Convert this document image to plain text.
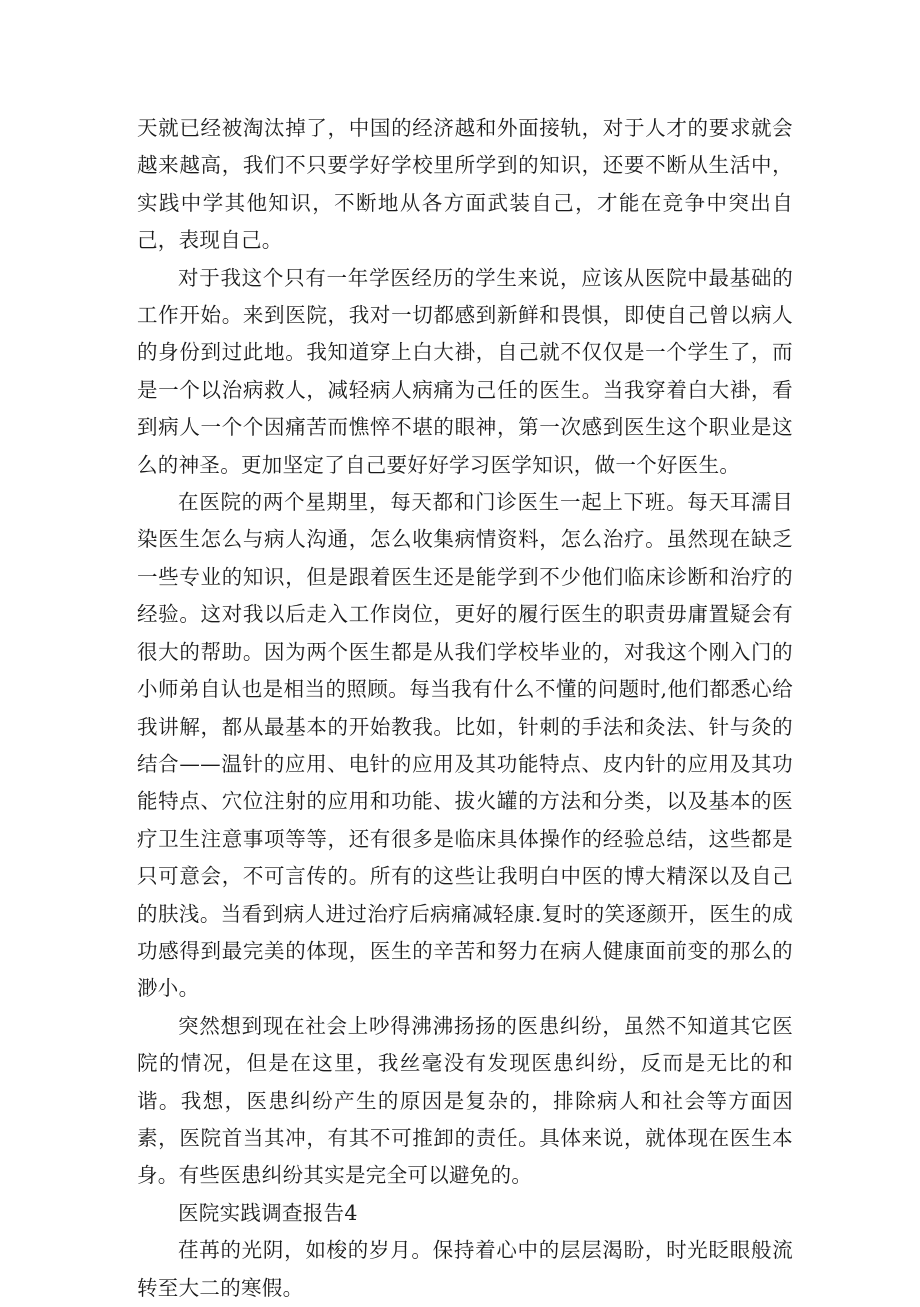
天就已经被淘汰掉了，中国的经济越和外面接轨，对于人才的要求就会越来越高，我们不只要学好学校里所学到的知识，还要不断从生活中，实践中学其他知识，不断地从各方面武装自己，才能在竞争中突出自己，表现自己。

对于我这个只有一年学医经历的学生来说，应该从医院中最基础的工作开始。来到医院，我对一切都感到新鲜和畏惧，即使自己曾以病人的身份到过此地。我知道穿上白大褂，自己就不仅仅是一个学生了，而是一个以治病救人，减轻病人病痛为己任的医生。当我穿着白大褂，看到病人一个个因痛苦而憔悴不堪的眼神，第一次感到医生这个职业是这么的神圣。更加坚定了自己要好好学习医学知识，做一个好医生。

在医院的两个星期里，每天都和门诊医生一起上下班。每天耳濡目染医生怎么与病人沟通，怎么收集病情资料，怎么治疗。虽然现在缺乏一些专业的知识，但是跟着医生还是能学到不少他们临床诊断和治疗的经验。这对我以后走入工作岗位，更好的履行医生的职责毋庸置疑会有很大的帮助。因为两个医生都是从我们学校毕业的，对我这个刚入门的小师弟自认也是相当的照顾。每当我有什么不懂的问题时,他们都悉心给我讲解，都从最基本的开始教我。比如，针刺的手法和灸法、针与灸的结合——温针的应用、电针的应用及其功能特点、皮内针的应用及其功能特点、穴位注射的应用和功能、拔火罐的方法和分类，以及基本的医疗卫生注意事项等等，还有很多是临床具体操作的经验总结，这些都是只可意会，不可言传的。所有的这些让我明白中医的博大精深以及自己的肤浅。当看到病人进过治疗后病痛减轻康.复时的笑逐颜开，医生的成功感得到最完美的体现，医生的辛苦和努力在病人健康面前变的那么的渺小。

突然想到现在社会上吵得沸沸扬扬的医患纠纷，虽然不知道其它医院的情况，但是在这里，我丝毫没有发现医患纠纷，反而是无比的和谐。我想，医患纠纷产生的原因是复杂的，排除病人和社会等方面因素，医院首当其冲，有其不可推卸的责任。具体来说，就体现在医生本身。有些医患纠纷其实是完全可以避免的。

医院实践调查报告4

荏苒的光阴，如梭的岁月。保持着心中的层层渴盼，时光眨眼般流转至大二的寒假。
